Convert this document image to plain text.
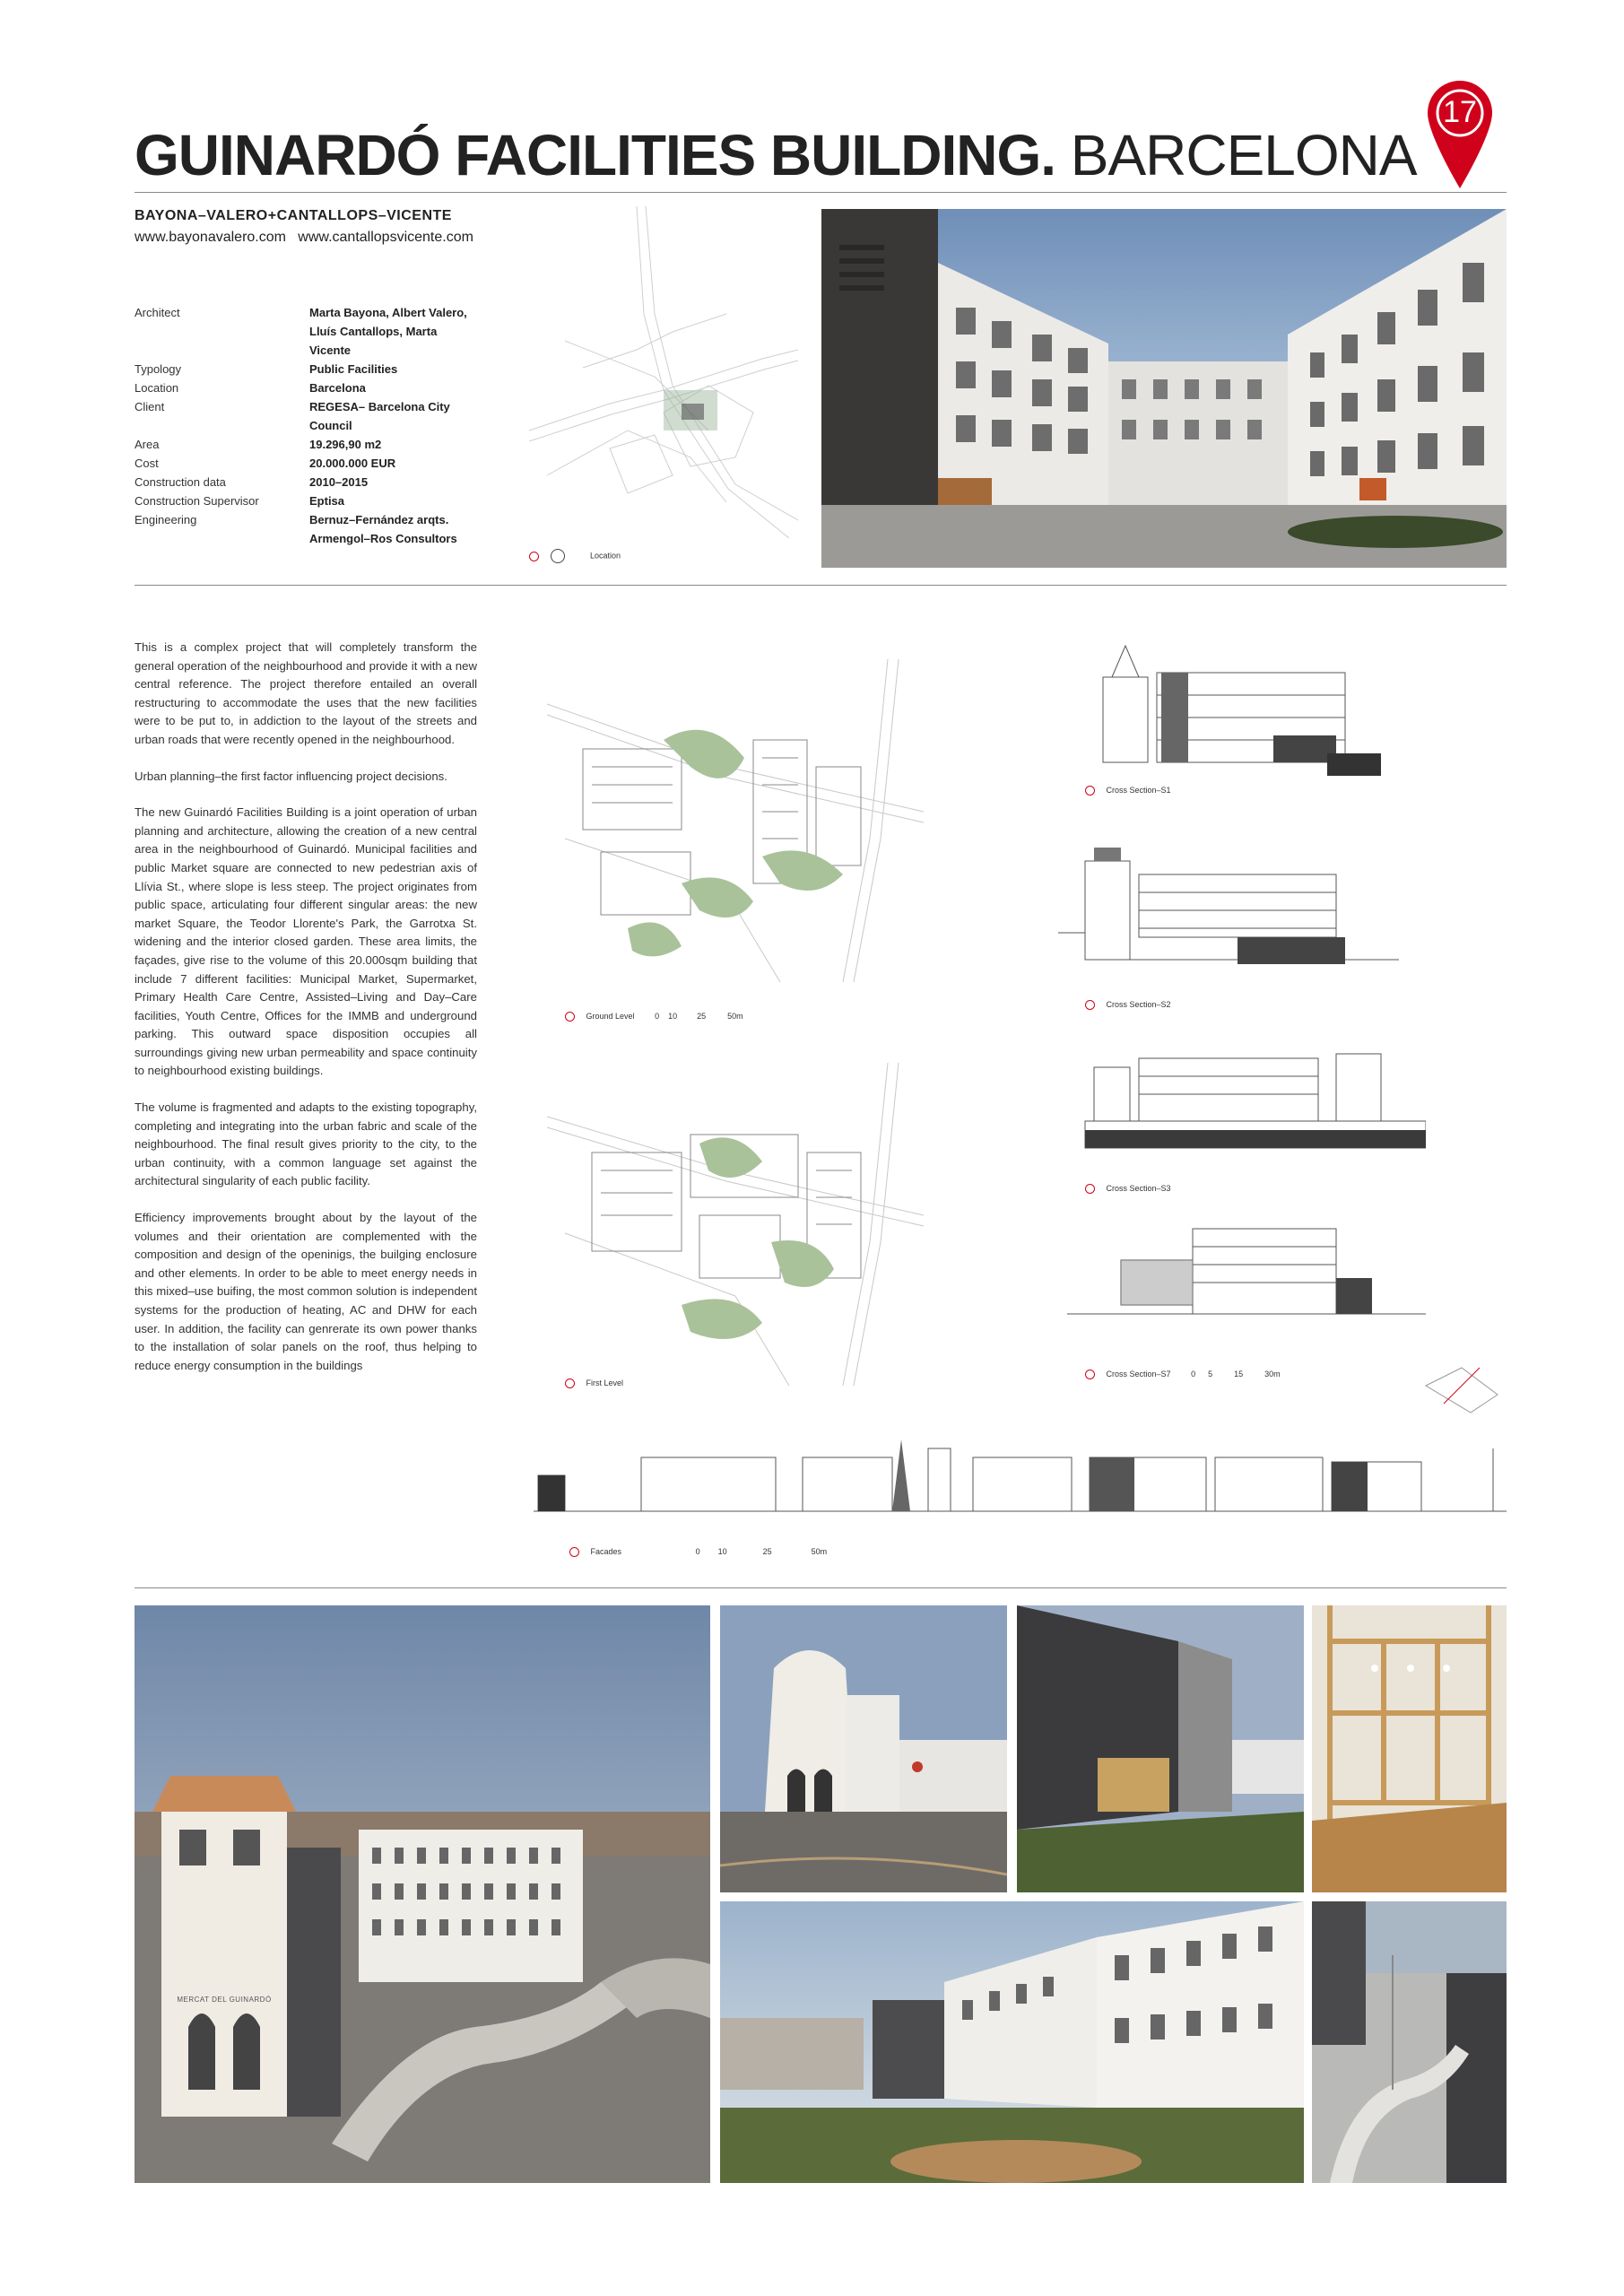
GUINARDÓ FACILITIES BUILDING. BARCELONA
17
BAYONA–VALERO+CANTALLOPS–VICENTE
www.bayonavalero.com   www.cantallopsvicente.com
Architect	Marta Bayona, Albert Valero, Lluís Cantallops, Marta Vicente
Typology	Public Facilities
Location	Barcelona
Client	REGESA– Barcelona City Council
Area	19.296,90 m2
Cost	20.000.000 EUR
Construction data	2010–2015
Construction Supervisor	Eptisa
Engineering	Bernuz–Fernández arqts. Armengol–Ros Consultors
Location

This is a complex project that will completely transform the general operation of the neighbourhood and provide it with a new central reference. The project therefore entailed an overall restructuring to accommodate the uses that the new facilities were to be put to, in addiction to the layout of the streets and urban roads that were recently opened in the neighbourhood.

Urban planning–the first factor influencing project decisions.

The new Guinardó Facilities Building is a joint operation of urban planning and architecture, allowing the creation of a new central area in the neighbourhood of Guinardó. Municipal facilities and public Market square are connected to new pedestrian axis of Llívia St., where slope is less steep. The project originates from public space, articulating four different singular areas: the new market Square, the Teodor Llorente's Park, the Garrotxa St. widening and the interior closed garden. These area limits, the façades, give rise to the volume of this 20.000sqm building that include 7 different facilities: Municipal Market, Supermarket, Primary Health Care Centre, Assisted–Living and Day–Care facilities, Youth Centre, Offices for the IMMB and underground parking. This outward space disposition occupies all surroundings giving new urban permeability and space continuity to neighbourhood existing buildings.

The volume is fragmented and adapts to the existing topography, completing and integrating into the urban fabric and scale of the neighbourhood. The final result gives priority to the city, to the urban continuity, with a common language set against the architectural singularity of each public facility.

Efficiency improvements brought about by the layout of the volumes and their orientation are complemented with the composition and design of the openinigs, the builging enclosure and other elements. In order to be able to meet energy needs in this mixed–use buifing, the most common solution is independent systems for the production of heating, AC and DHW for each user. In addition, the facility can genrerate its own power thanks to the installation of solar panels on the roof, thus helping to reduce energy consumption in the buildings

Ground Level	0 10 25	50m
First Level
Cross Section–S1
Cross Section–S2
Cross Section–S3
Cross Section–S7	0 5	15	30m
Facades	0 10	25	50m
MERCAT DEL GUINARDÓ
